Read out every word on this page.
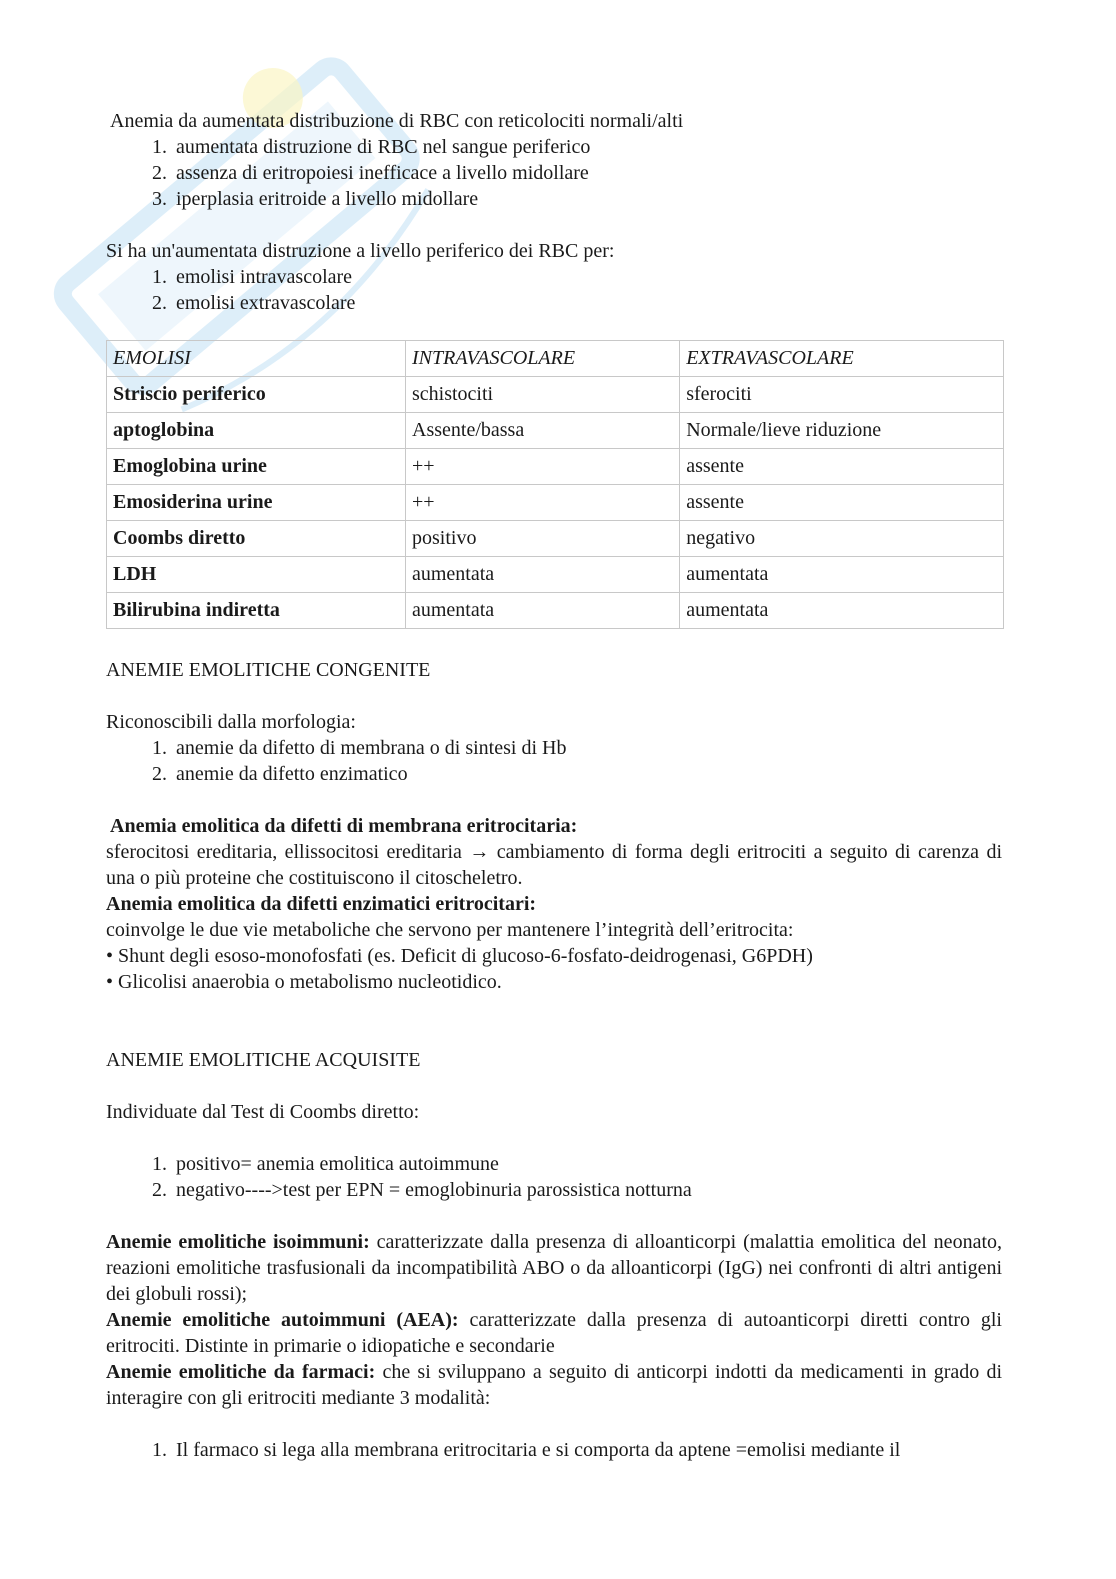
Anemia da aumentata distribuzione di RBC con reticolociti normali/alti

1. aumentata distruzione di RBC nel sangue periferico
2. assenza di eritropoiesi inefficace a livello midollare
3. iperplasia eritroide a livello midollare

Si ha un'aumentata distruzione a livello periferico dei RBC per:

1. emolisi intravascolare
2. emolisi extravascolare
EMOLISI	INTRAVASCOLARE	EXTRAVASCOLARE
Striscio periferico	schistociti	sferociti
aptoglobina	Assente/bassa	Normale/lieve riduzione
Emoglobina urine	++	assente
Emosiderina urine	++	assente
Coombs diretto	positivo	negativo
LDH	aumentata	aumentata
Bilirubina indiretta	aumentata	aumentata

ANEMIE EMOLITICHE CONGENITE

Riconoscibili dalla morfologia:

1. anemie da difetto di membrana o di sintesi di Hb
2. anemie da difetto enzimatico

Anemia emolitica da difetti di membrana eritrocitaria:

sferocitosi ereditaria, ellissocitosi ereditaria → cambiamento di forma degli eritrociti a seguito di carenza di una o più proteine che costituiscono il citoscheletro.

Anemia emolitica da difetti enzimatici eritrocitari:

coinvolge le due vie metaboliche che servono per mantenere l’integrità dell’eritrocita:

• Shunt degli esoso-monofosfati (es. Deficit di glucoso-6-fosfato-deidrogenasi, G6PDH)

• Glicolisi anaerobia o metabolismo nucleotidico.

ANEMIE EMOLITICHE ACQUISITE

Individuate dal Test di Coombs diretto:

1. positivo= anemia emolitica autoimmune
2. negativo---->test per EPN = emoglobinuria parossistica notturna

Anemie emolitiche isoimmuni: caratterizzate dalla presenza di alloanticorpi (malattia emolitica del neonato, reazioni emolitiche trasfusionali da incompatibilità ABO o da alloanticorpi (IgG) nei confronti di altri antigeni dei globuli rossi);

Anemie emolitiche autoimmuni (AEA): caratterizzate dalla presenza di autoanticorpi diretti contro gli eritrociti. Distinte in primarie o idiopatiche e secondarie

Anemie emolitiche da farmaci: che si sviluppano a seguito di anticorpi indotti da medicamenti in grado di interagire con gli eritrociti mediante 3 modalità:

1. Il farmaco si lega alla membrana eritrocitaria e si comporta da aptene =emolisi mediante il
